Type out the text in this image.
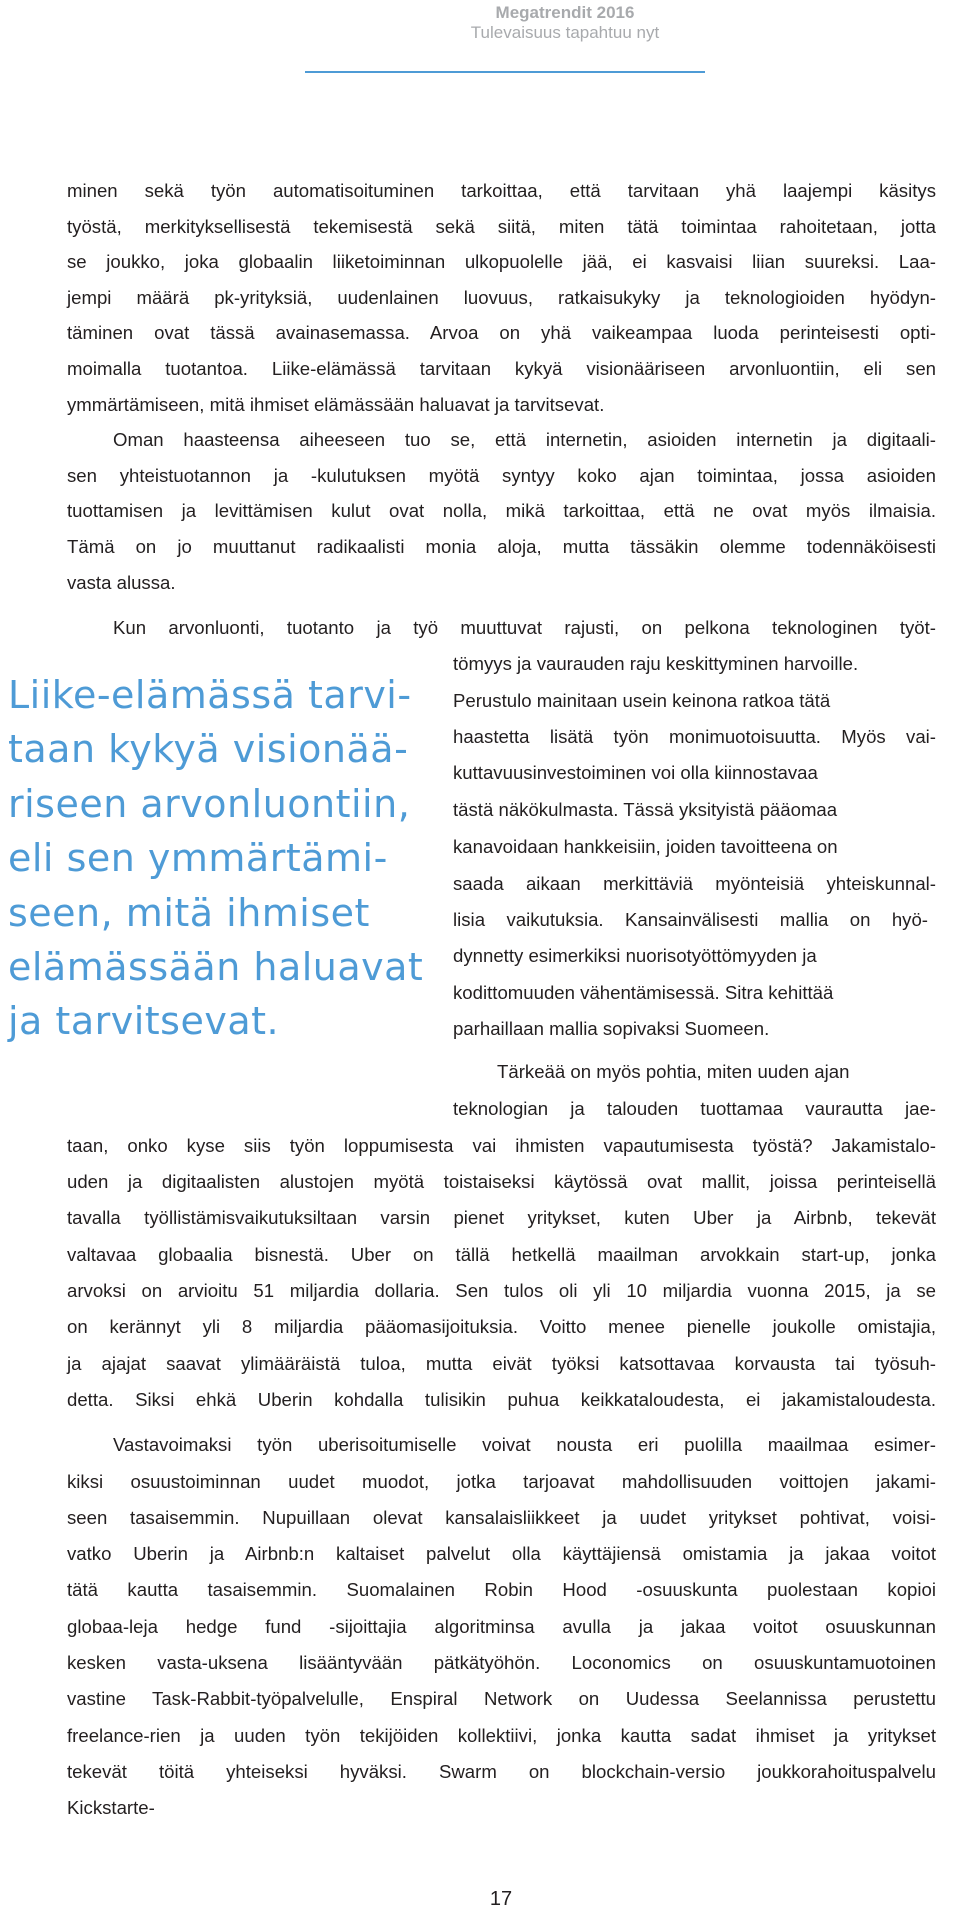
Megatrendit 2016
Tulevaisuus tapahtuu nyt
minen sekä työn automatisoituminen tarkoittaa, että tarvitaan yhä laajempi käsitys
työstä, merkityksellisestä tekemisestä sekä siitä, miten tätä toimintaa rahoitetaan, jotta
se joukko, joka globaalin liiketoiminnan ulkopuolelle jää, ei kasvaisi liian suureksi. Laa-
jempi määrä pk-yrityksiä, uudenlainen luovuus, ratkaisukyky ja teknologioiden hyödyn-
täminen ovat tässä avainasemassa. Arvoa on yhä vaikeampaa luoda perinteisesti opti-
moimalla tuotantoa. Liike-elämässä tarvitaan kykyä visionääriseen arvonluontiin, eli sen
ymmärtämiseen, mitä ihmiset elämässään haluavat ja tarvitsevat.
Oman haasteensa aiheeseen tuo se, että internetin, asioiden internetin ja digitaali-
sen yhteistuotannon ja -kulutuksen myötä syntyy koko ajan toimintaa, jossa asioiden
tuottamisen ja levittämisen kulut ovat nolla, mikä tarkoittaa, että ne ovat myös ilmaisia.
Tämä on jo muuttanut radikaalisti monia aloja, mutta tässäkin olemme todennäköisesti
vasta alussa.
Kun arvonluonti, tuotanto ja työ muuttuvat rajusti, on pelkona teknologinen työt-
tömyys ja vaurauden raju keskittyminen harvoille.
Perustulo mainitaan usein keinona ratkoa tätä
haastetta lisätä työn monimuotoisuutta. Myös vai-
kuttavuusinvestoiminen voi olla kiinnostavaa
tästä näkökulmasta. Tässä yksityistä pääomaa
kanavoidaan hankkeisiin, joiden tavoitteena on
saada aikaan merkittäviä myönteisiä yhteiskunnal-
lisia vaikutuksia. Kansainvälisesti mallia on hyö-
dynnetty esimerkiksi nuorisotyöttömyyden ja
kodittomuuden vähentämisessä. Sitra kehittää
parhaillaan mallia sopivaksi Suomeen.
Tärkeää on myös pohtia, miten uuden ajan
teknologian ja talouden tuottamaa vaurautta jae-
taan, onko kyse siis työn loppumisesta vai ihmisten vapautumisesta työstä? Jakamistalo-
uden ja digitaalisten alustojen myötä toistaiseksi käytössä ovat mallit, joissa perinteisellä
tavalla työllistämisvaikutuksiltaan varsin pienet yritykset, kuten Uber ja Airbnb, tekevät
valtavaa globaalia bisnestä. Uber on tällä hetkellä maailman arvokkain start-up, jonka
arvoksi on arvioitu 51 miljardia dollaria. Sen tulos oli yli 10 miljardia vuonna 2015, ja se
on kerännyt yli 8 miljardia pääomasijoituksia. Voitto menee pienelle joukolle omistajia,
ja ajajat saavat ylimääräistä tuloa, mutta eivät työksi katsottavaa korvausta tai työsuh-
detta. Siksi ehkä Uberin kohdalla tulisikin puhua keikkataloudesta, ei jakamistaloudesta.
Vastavoimaksi työn uberisoitumiselle voivat nousta eri puolilla maailmaa esimer-
kiksi osuustoiminnan uudet muodot, jotka tarjoavat mahdollisuuden voittojen jakami-
seen tasaisemmin. Nupuillaan olevat kansalaisliikkeet ja uudet yritykset pohtivat, voisi-
vatko Uberin ja Airbnb:n kaltaiset palvelut olla käyttäjiensä omistamia ja jakaa voitot
tätä kautta tasaisemmin. Suomalainen Robin Hood -osuuskunta puolestaan kopioi
globaa-leja hedge fund -sijoittajia algoritminsa avulla ja jakaa voitot osuuskunnan
kesken vasta-uksena lisääntyvään pätkätyöhön. Loconomics on osuuskuntamuotoinen
vastine Task-Rabbit-työpalvelulle, Enspiral Network on Uudessa Seelannissa perustettu
freelance-rien ja uuden työn tekijöiden kollektiivi, jonka kautta sadat ihmiset ja yritykset
tekevät töitä yhteiseksi hyväksi. Swarm on blockchain-versio joukkorahoituspalvelu
Kickstarte-
Liike-elämässä tarvi-
taan kykyä visionää-
riseen arvonluontiin,
eli sen ymmärtämi-
seen, mitä ihmiset
elämässään haluavat
ja tarvitsevat.
17
